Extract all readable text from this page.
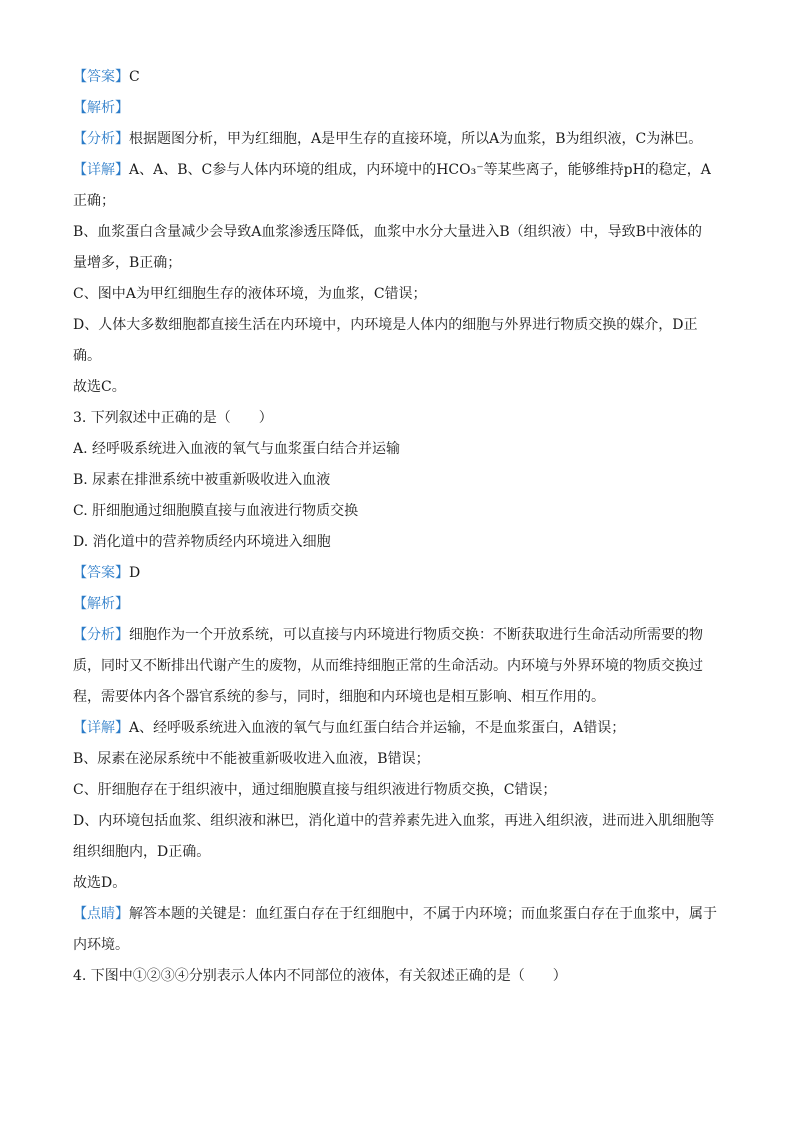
【答案】C
【解析】
【分析】根据题图分析，甲为红细胞，A是甲生存的直接环境，所以A为血浆，B为组织液，C为淋巴。
【详解】A、A、B、C参与人体内环境的组成，内环境中的HCO₃⁻等某些离子，能够维持pH的稳定，A
正确；
B、血浆蛋白含量减少会导致A血浆渗透压降低，血浆中水分大量进入B（组织液）中，导致B中液体的
量增多，B正确；
C、图中A为甲红细胞生存的液体环境，为血浆，C错误；
D、人体大多数细胞都直接生活在内环境中，内环境是人体内的细胞与外界进行物质交换的媒介，D正
确。
故选C。
3. 下列叙述中正确的是（　　）
A. 经呼吸系统进入血液的氧气与血浆蛋白结合并运输
B. 尿素在排泄系统中被重新吸收进入血液
C. 肝细胞通过细胞膜直接与血液进行物质交换
D. 消化道中的营养物质经内环境进入细胞
【答案】D
【解析】
【分析】细胞作为一个开放系统，可以直接与内环境进行物质交换：不断获取进行生命活动所需要的物
质，同时又不断排出代谢产生的废物，从而维持细胞正常的生命活动。内环境与外界环境的物质交换过
程，需要体内各个器官系统的参与，同时，细胞和内环境也是相互影响、相互作用的。
【详解】A、经呼吸系统进入血液的氧气与血红蛋白结合并运输，不是血浆蛋白，A错误；
B、尿素在泌尿系统中不能被重新吸收进入血液，B错误；
C、肝细胞存在于组织液中，通过细胞膜直接与组织液进行物质交换，C错误；
D、内环境包括血浆、组织液和淋巴，消化道中的营养素先进入血浆，再进入组织液，进而进入肌细胞等
组织细胞内，D正确。
故选D。
【点睛】解答本题的关键是：血红蛋白存在于红细胞中，不属于内环境；而血浆蛋白存在于血浆中，属于
内环境。
4. 下图中①②③④分别表示人体内不同部位的液体，有关叙述正确的是（　　）
